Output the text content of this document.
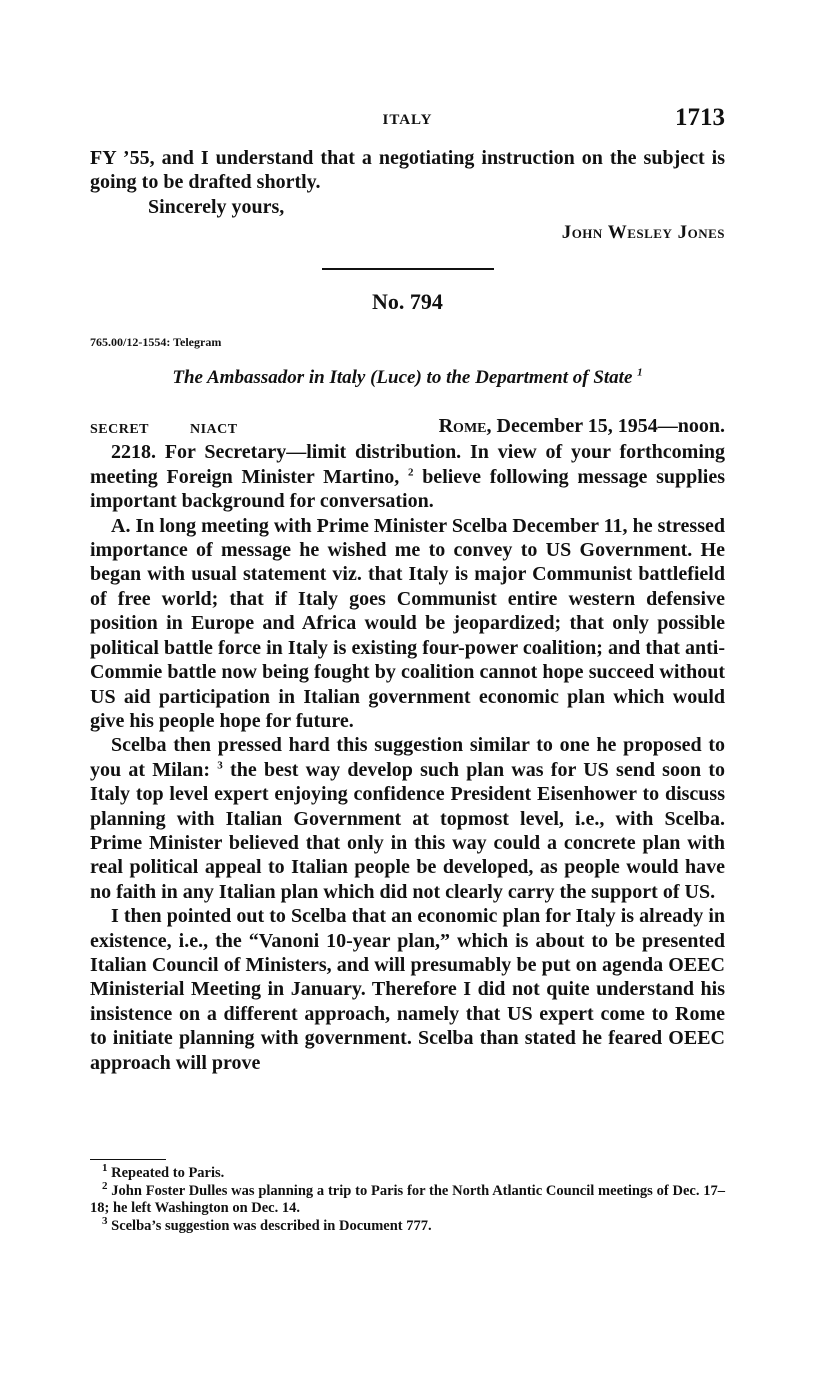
ITALY	1713

FY ’55, and I understand that a negotiating instruction on the subject is going to be drafted shortly.

Sincerely yours,
John Wesley Jones
No. 794
765.00/12-1554: Telegram
The Ambassador in Italy (Luce) to the Department of State $^1$
SECRET	NIACT	Rome, December 15, 1954—noon.

2218. For Secretary—limit distribution. In view of your forthcoming meeting Foreign Minister Martino, $^2$ believe following message supplies important background for conversation.

A. In long meeting with Prime Minister Scelba December 11, he stressed importance of message he wished me to convey to US Government. He began with usual statement viz. that Italy is major Communist battlefield of free world; that if Italy goes Communist entire western defensive position in Europe and Africa would be jeopardized; that only possible political battle force in Italy is existing four-power coalition; and that anti-Commie battle now being fought by coalition cannot hope succeed without US aid participation in Italian government economic plan which would give his people hope for future.

Scelba then pressed hard this suggestion similar to one he proposed to you at Milan: $^3$ the best way develop such plan was for US send soon to Italy top level expert enjoying confidence President Eisenhower to discuss planning with Italian Government at topmost level, i.e., with Scelba. Prime Minister believed that only in this way could a concrete plan with real political appeal to Italian people be developed, as people would have no faith in any Italian plan which did not clearly carry the support of US.

I then pointed out to Scelba that an economic plan for Italy is already in existence, i.e., the “Vanoni 10-year plan,” which is about to be presented Italian Council of Ministers, and will presumably be put on agenda OEEC Ministerial Meeting in January. Therefore I did not quite understand his insistence on a different approach, namely that US expert come to Rome to initiate planning with government. Scelba than stated he feared OEEC approach will prove

$^1$ Repeated to Paris.

$^2$ John Foster Dulles was planning a trip to Paris for the North Atlantic Council meetings of Dec. 17–18; he left Washington on Dec. 14.

$^3$ Scelba’s suggestion was described in Document 777.
